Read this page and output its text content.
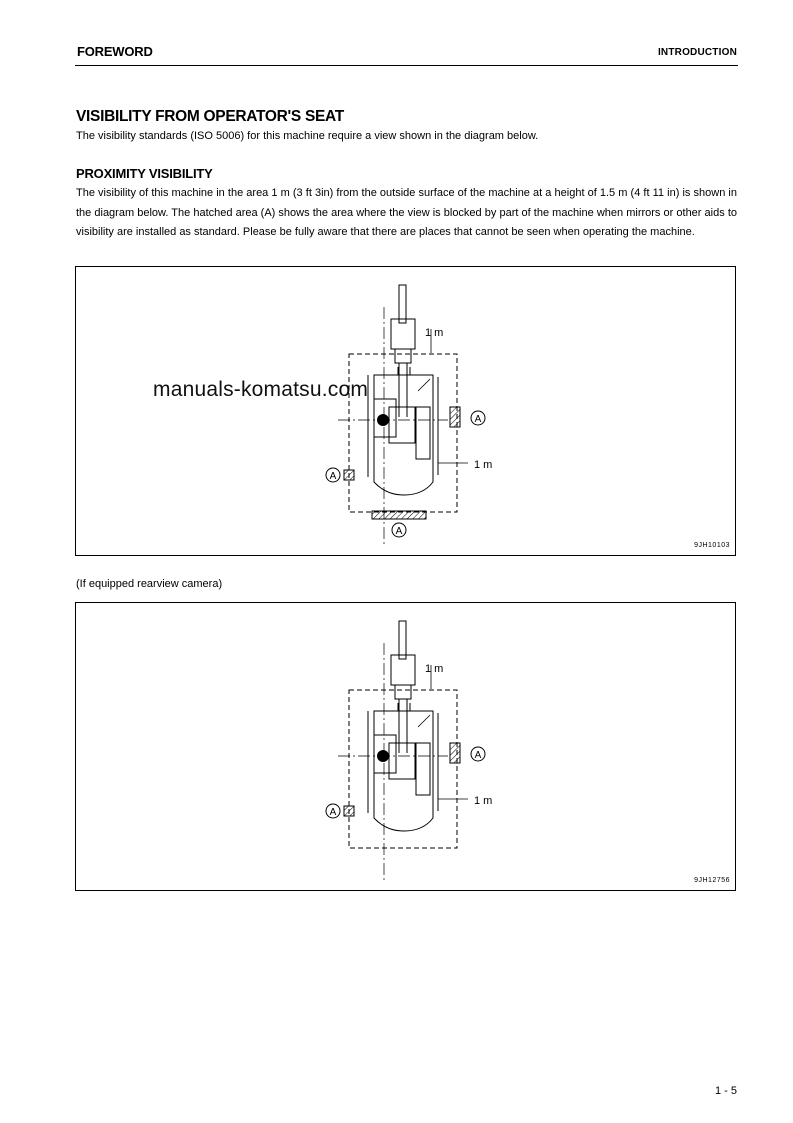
FOREWORD	INTRODUCTION
VISIBILITY FROM OPERATOR'S SEAT
The visibility standards (ISO 5006) for this machine require a view shown in the diagram below.
PROXIMITY VISIBILITY
The visibility of this machine in the area 1 m (3 ft 3in) from the outside surface of the machine at a height of 1.5 m (4 ft 11 in) is shown in the diagram below. The hatched area (A) shows the area where the view is blocked by part of the machine when mirrors or other aids to visibility are installed as standard. Please be fully aware that there are places that cannot be seen when operating the machine.
A
A
A
1 m
1 m
9JH10103
manuals-komatsu.com
(If equipped rearview camera)
A
A
1 m
1 m
9JH12756
1 - 5
